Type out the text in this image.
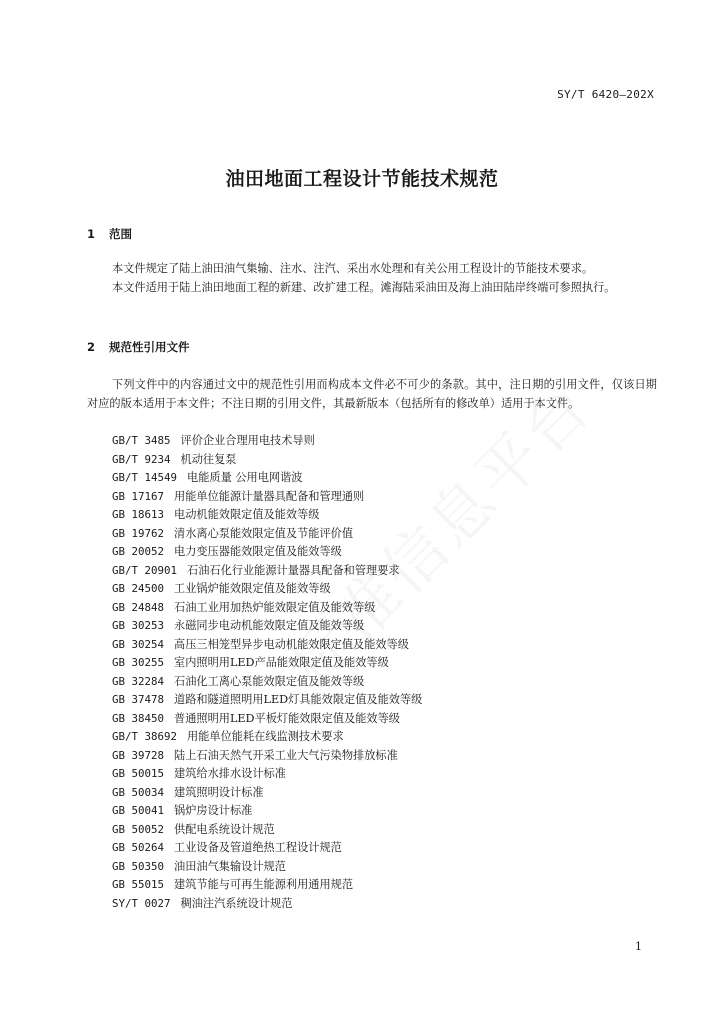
SY/T 6420—202X
油田地面工程设计节能技术规范
1 范围
本文件规定了陆上油田油气集输、注水、注汽、采出水处理和有关公用工程设计的节能技术要求。
本文件适用于陆上油田地面工程的新建、改扩建工程。滩海陆采油田及海上油田陆岸终端可参照执行。
2 规范性引用文件
下列文件中的内容通过文中的规范性引用而构成本文件必不可少的条款。其中，注日期的引用文件，仅该日期对应的版本适用于本文件；不注日期的引用文件，其最新版本（包括所有的修改单）适用于本文件。
GB/T 3485 评价企业合理用电技术导则
GB/T 9234 机动往复泵
GB/T 14549 电能质量 公用电网谐波
GB 17167 用能单位能源计量器具配备和管理通则
GB 18613 电动机能效限定值及能效等级
GB 19762 清水离心泵能效限定值及节能评价值
GB 20052 电力变压器能效限定值及能效等级
GB/T 20901 石油石化行业能源计量器具配备和管理要求
GB 24500 工业锅炉能效限定值及能效等级
GB 24848 石油工业用加热炉能效限定值及能效等级
GB 30253 永磁同步电动机能效限定值及能效等级
GB 30254 高压三相笼型异步电动机能效限定值及能效等级
GB 30255 室内照明用LED产品能效限定值及能效等级
GB 32284 石油化工离心泵能效限定值及能效等级
GB 37478 道路和隧道照明用LED灯具能效限定值及能效等级
GB 38450 普通照明用LED平板灯能效限定值及能效等级
GB/T 38692 用能单位能耗在线监测技术要求
GB 39728 陆上石油天然气开采工业大气污染物排放标准
GB 50015 建筑给水排水设计标准
GB 50034 建筑照明设计标准
GB 50041 锅炉房设计标准
GB 50052 供配电系统设计规范
GB 50264 工业设备及管道绝热工程设计规范
GB 50350 油田油气集输设计规范
GB 55015 建筑节能与可再生能源利用通用规范
SY/T 0027 稠油注汽系统设计规范
1
